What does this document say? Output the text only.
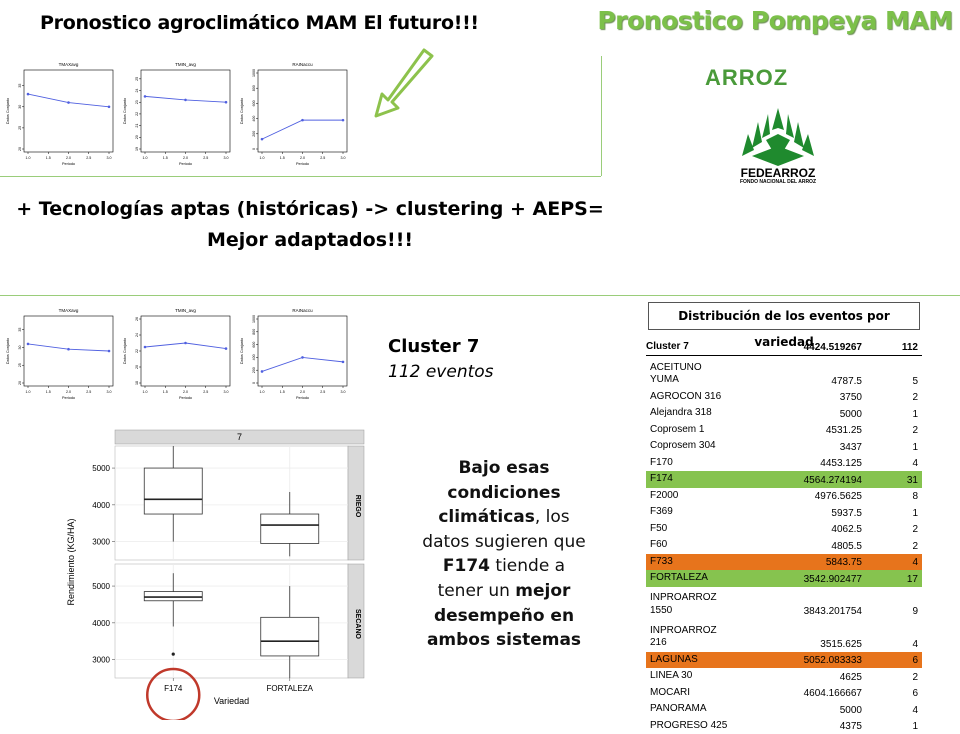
Pronostico agroclimático MAM El futuro!!!	Pronostico Pompeya MAM
ARROZ
FEDEARROZ
FONDO NACIONAL DEL ARROZ
TMAXavg
1.0	1.5	2.0	2.5	3.0
20
25
30
35
Periodo
Datos Conjunto
TMIN_avg
1.0	1.5	2.0	2.5	3.0
19
20
21
22
23
24
25
Periodo
Datos Conjunto
RAINaccu
1.0	1.5	2.0	2.5	3.0
0
200
400
600
800
1000
Periodo
Datos Conjunto
TMAXavg
1.0	1.5	2.0	2.5	3.0
20
25
30
35
Periodo
Datos Conjunto
TMIN_avg
1.0	1.5	2.0	2.5	3.0
18
20
22
24
26
Periodo
Datos Conjunto
RAINaccu
1.0	1.5	2.0	2.5	3.0
0
200
400
600
800
1000
Periodo
Datos Conjunto
+ Tecnologías aptas (históricas) -> clustering + AEPS=
Mejor adaptados!!!
Cluster 7
112 eventos
7
RIEGO
3000
4000
5000
SECANO
3000
4000
5000
F174	FORTALEZA
Variedad
Rendimiento (KG/HA)
Bajo esas
condiciones
climáticas, los
datos sugieren que
F174 tiende a
tener un mejor
desempeño en
ambos sistemas
Distribución de los eventos por variedad
Cluster 7	4424.519267	112
ACEITUNO
YUMA	4787.5	5
AGROCON 316	3750	2
Alejandra 318	5000	1
Coprosem 1	4531.25	2
Coprosem 304	3437	1
F170	4453.125	4
F174	4564.274194	31
F2000	4976.5625	8
F369	5937.5	1
F50	4062.5	2
F60	4805.5	2
F733	5843.75	4
FORTALEZA	3542.902477	17
INPROARROZ
1550	3843.201754	9
INPROARROZ
216	3515.625	4
LAGUNAS	5052.083333	6
LINEA 30	4625	2
MOCARI	4604.166667	6
PANORAMA	5000	4
PROGRESO 425	4375	1
